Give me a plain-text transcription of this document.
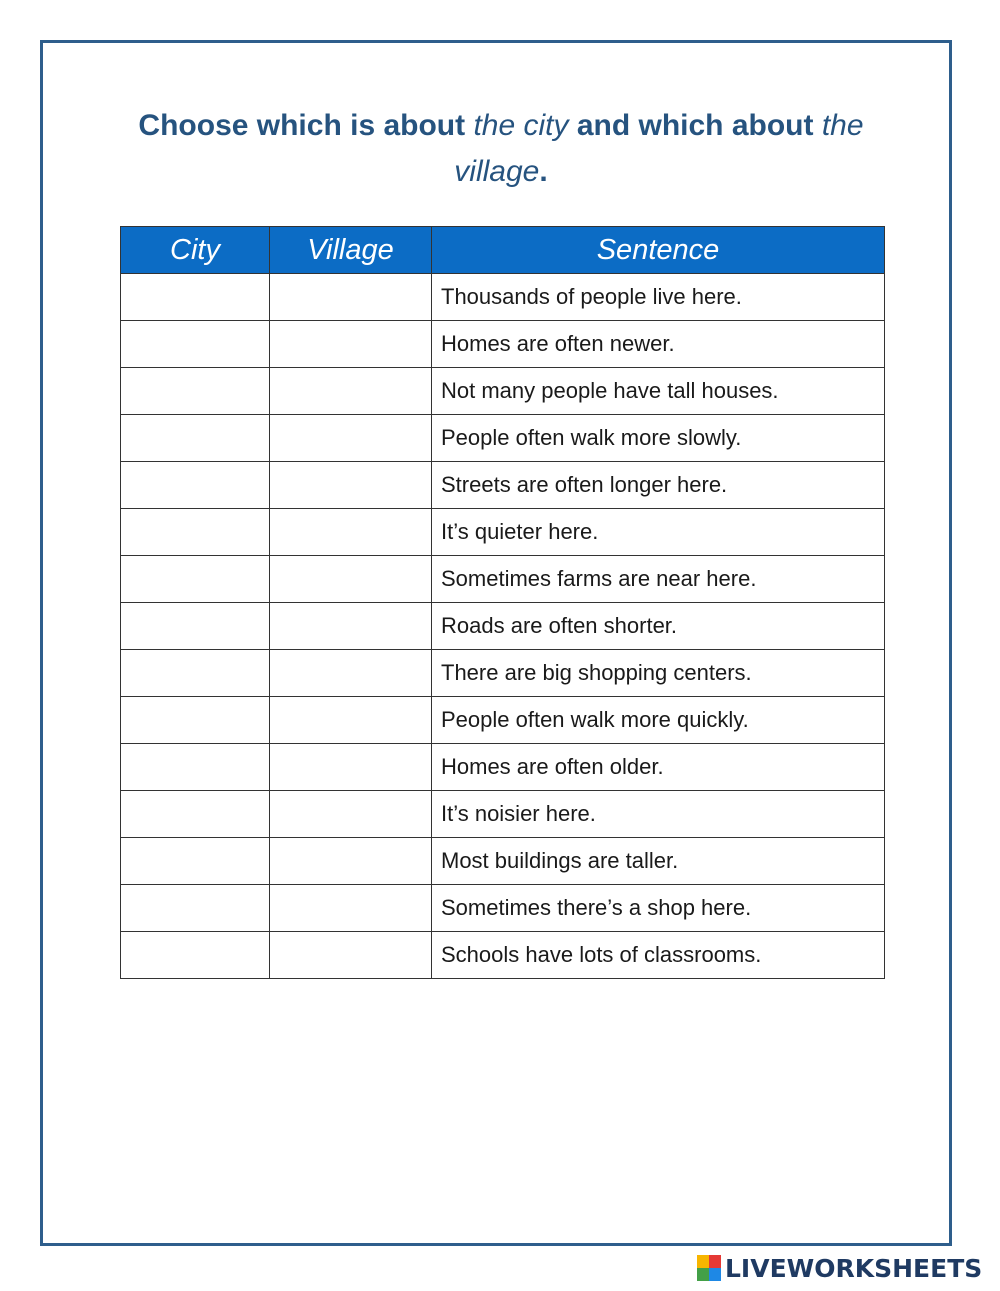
Choose which is about the city and which about the village.
City	Village	Sentence
		Thousands of people live here.
		Homes are often newer.
		Not many people have tall houses.
		People often walk more slowly.
		Streets are often longer here.
		It’s quieter here.
		Sometimes farms are near here.
		Roads are often shorter.
		There are big shopping centers.
		People often walk more quickly.
		Homes are often older.
		It’s noisier here.
		Most buildings are taller.
		Sometimes there’s a shop here.
		Schools have lots of classrooms.
LIVEWORKSHEETS
